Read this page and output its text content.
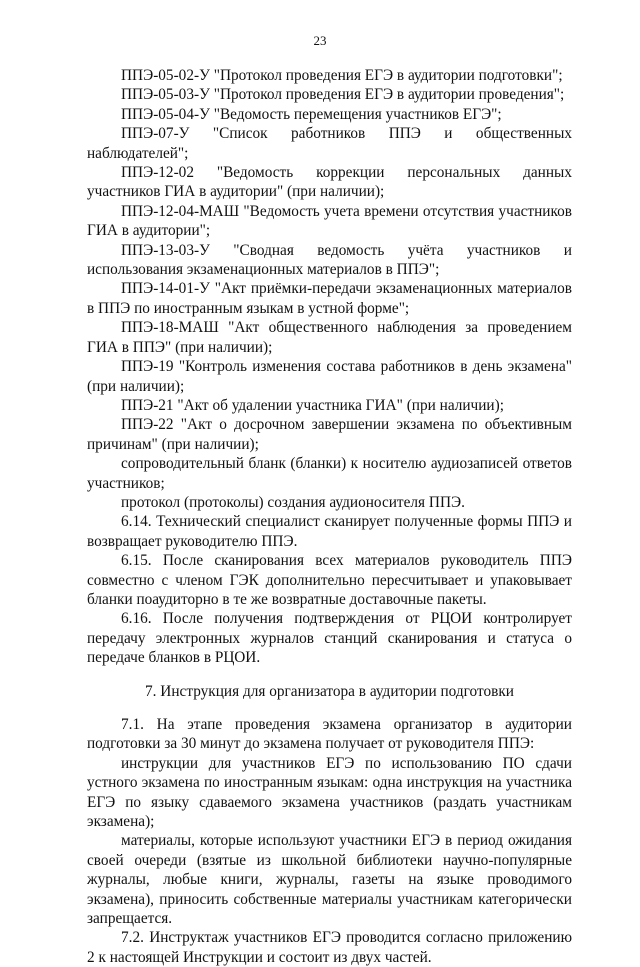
23

ППЭ-05-02-У "Протокол проведения ЕГЭ в аудитории подготовки";

ППЭ-05-03-У "Протокол проведения ЕГЭ в аудитории проведения";

ППЭ-05-04-У "Ведомость перемещения участников ЕГЭ";

ППЭ-07-У "Список работников ППЭ и общественных наблюдателей";

ППЭ-12-02 "Ведомость коррекции персональных данных участников ГИА в аудитории" (при наличии);

ППЭ-12-04-МАШ "Ведомость учета времени отсутствия участников ГИА в аудитории";

ППЭ-13-03-У "Сводная ведомость учёта участников и использования экзаменационных материалов в ППЭ";

ППЭ-14-01-У "Акт приёмки-передачи экзаменационных материалов в ППЭ по иностранным языкам в устной форме";

ППЭ-18-МАШ "Акт общественного наблюдения за проведением ГИА в ППЭ" (при наличии);

ППЭ-19 "Контроль изменения состава работников в день экзамена" (при наличии);

ППЭ-21 "Акт об удалении участника ГИА" (при наличии);

ППЭ-22 "Акт о досрочном завершении экзамена по объективным причинам" (при наличии);

сопроводительный бланк (бланки) к носителю аудиозаписей ответов участников;

протокол (протоколы) создания аудионосителя ППЭ.

6.14. Технический специалист сканирует полученные формы ППЭ и возвращает руководителю ППЭ.

6.15. После сканирования всех материалов руководитель ППЭ совместно с членом ГЭК дополнительно пересчитывает и упаковывает бланки поаудиторно в те же возвратные доставочные пакеты.

6.16. После получения подтверждения от РЦОИ контролирует передачу электронных журналов станций сканирования и статуса о передаче бланков в РЦОИ.

7. Инструкция для организатора в аудитории подготовки

7.1. На этапе проведения экзамена организатор в аудитории подготовки за 30 минут до экзамена получает от руководителя ППЭ:

инструкции для участников ЕГЭ по использованию ПО сдачи устного экзамена по иностранным языкам: одна инструкция на участника ЕГЭ по языку сдаваемого экзамена участников (раздать участникам экзамена);

материалы, которые используют участники ЕГЭ в период ожидания своей очереди (взятые из школьной библиотеки научно-популярные журналы, любые книги, журналы, газеты на языке проводимого экзамена), приносить собственные материалы участникам категорически запрещается.

7.2. Инструктаж участников ЕГЭ проводится согласно приложению 2 к настоящей Инструкции и состоит из двух частей.
